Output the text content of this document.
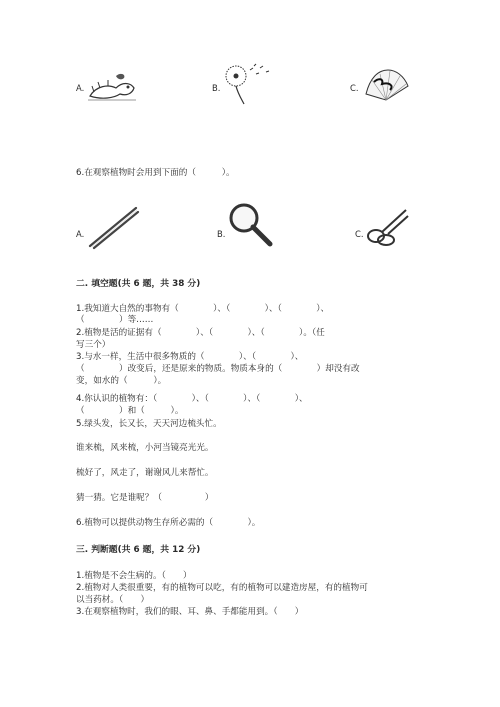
A.	B.	C.
6.在观察植物时会用到下面的（　　　）。
A.	B.	C.
二. 填空题(共 6 题，共 38 分)
1.我知道大自然的事物有（　　　　）、（　　　　）、（　　　　）、
（　　　　）等……
2.植物是活的证据有（　　　　）、（　　　　）、（　　　　）。（任
写三个）
3.与水一样，生活中很多物质的（　　　　）、（　　　　）、
（　　　　）改变后，还是原来的物质。物质本身的（　　　　）却没有改
变，如水的（　　　）。
4.你认识的植物有：（　　　　）、（　　　　）、（　　　　）、
（　　　　）和（　　　）。
5.绿头发，长又长，天天河边梳头忙。
谁来梳，风来梳，小河当镜亮光光。
梳好了，风走了，谢谢风儿来帮忙。
猜一猜。它是谁呢？（　　　　　）
6.植物可以提供动物生存所必需的（　　　　）。
三. 判断题(共 6 题，共 12 分)
1.植物是不会生病的。（　　）
2.植物对人类很重要，有的植物可以吃，有的植物可以建造房屋，有的植物可
以当药材。（　　）
3.在观察植物时，我们的眼、耳、鼻、手都能用到。（　　）
